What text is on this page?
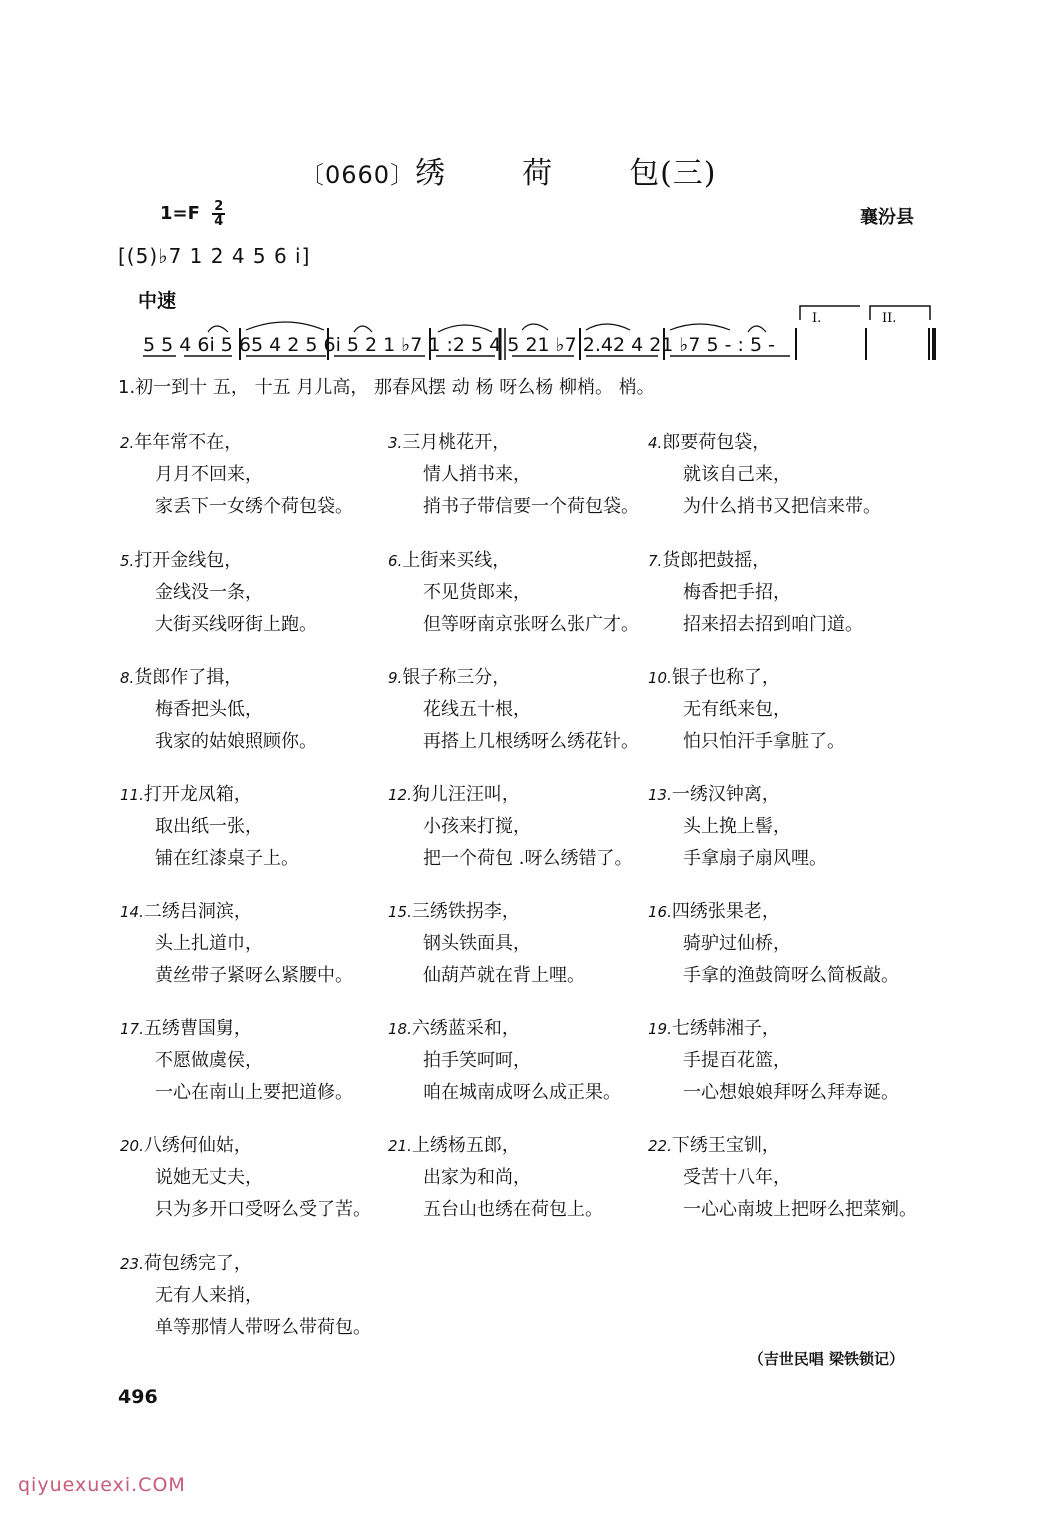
〔0660〕绣	荷	包(三)
$1=F \frac{2}{4}$	襄汾县
[(5)♭7 1 2 4 5 6 i]
中速
I.	II.
5 5 4 6i 5 65 4 2 5 6i 5 2 1 ♭7 1 :2 5 4 5 21 ♭7 2.42 4 21 ♭7 5 - : 5 -
1.初一到十 五， 十五 月儿高， 那春风摆 动 杨 呀么杨 柳梢。 梢。
2.年年常不在，
月月不回来，
家丢下一女绣个荷包袋。
3.三月桃花开，
情人捎书来，
捎书子带信要一个荷包袋。
4.郎要荷包袋，
就该自己来，
为什么捎书又把信来带。
5.打开金线包，
金线没一条，
大街买线呀街上跑。
6.上街来买线，
不见货郎来，
但等呀南京张呀么张广才。
7.货郎把鼓摇，
梅香把手招，
招来招去招到咱门道。
8.货郎作了揖，
梅香把头低，
我家的姑娘照顾你。
9.银子称三分，
花线五十根，
再搭上几根绣呀么绣花针。
10.银子也称了，
无有纸来包，
怕只怕汗手拿脏了。
11.打开龙凤箱，
取出纸一张，
铺在红漆桌子上。
12.狗儿汪汪叫，
小孩来打搅，
把一个荷包 .呀么绣错了。
13.一绣汉钟离，
头上挽上髻，
手拿扇子扇风哩。
14.二绣吕洞滨，
头上扎道巾，
黄丝带子紧呀么紧腰中。
15.三绣铁拐李，
钢头铁面具，
仙葫芦就在背上哩。
16.四绣张果老，
骑驴过仙桥，
手拿的渔鼓筒呀么简板敲。
17.五绣曹国舅，
不愿做虞侯，
一心在南山上要把道修。
18.六绣蓝采和，
拍手笑呵呵，
咱在城南成呀么成正果。
19.七绣韩湘子，
手提百花篮，
一心想娘娘拜呀么拜寿诞。
20.八绣何仙姑，
说她无丈夫，
只为多开口受呀么受了苦。
21.上绣杨五郎，
出家为和尚，
五台山也绣在荷包上。
22.下绣王宝钏，
受苦十八年，
一心心南坡上把呀么把菜剜。
23.荷包绣完了，
无有人来捎，
单等那情人带呀么带荷包。
（吉世民唱 梁铁锁记）
496
qiyuexuexi.COM
